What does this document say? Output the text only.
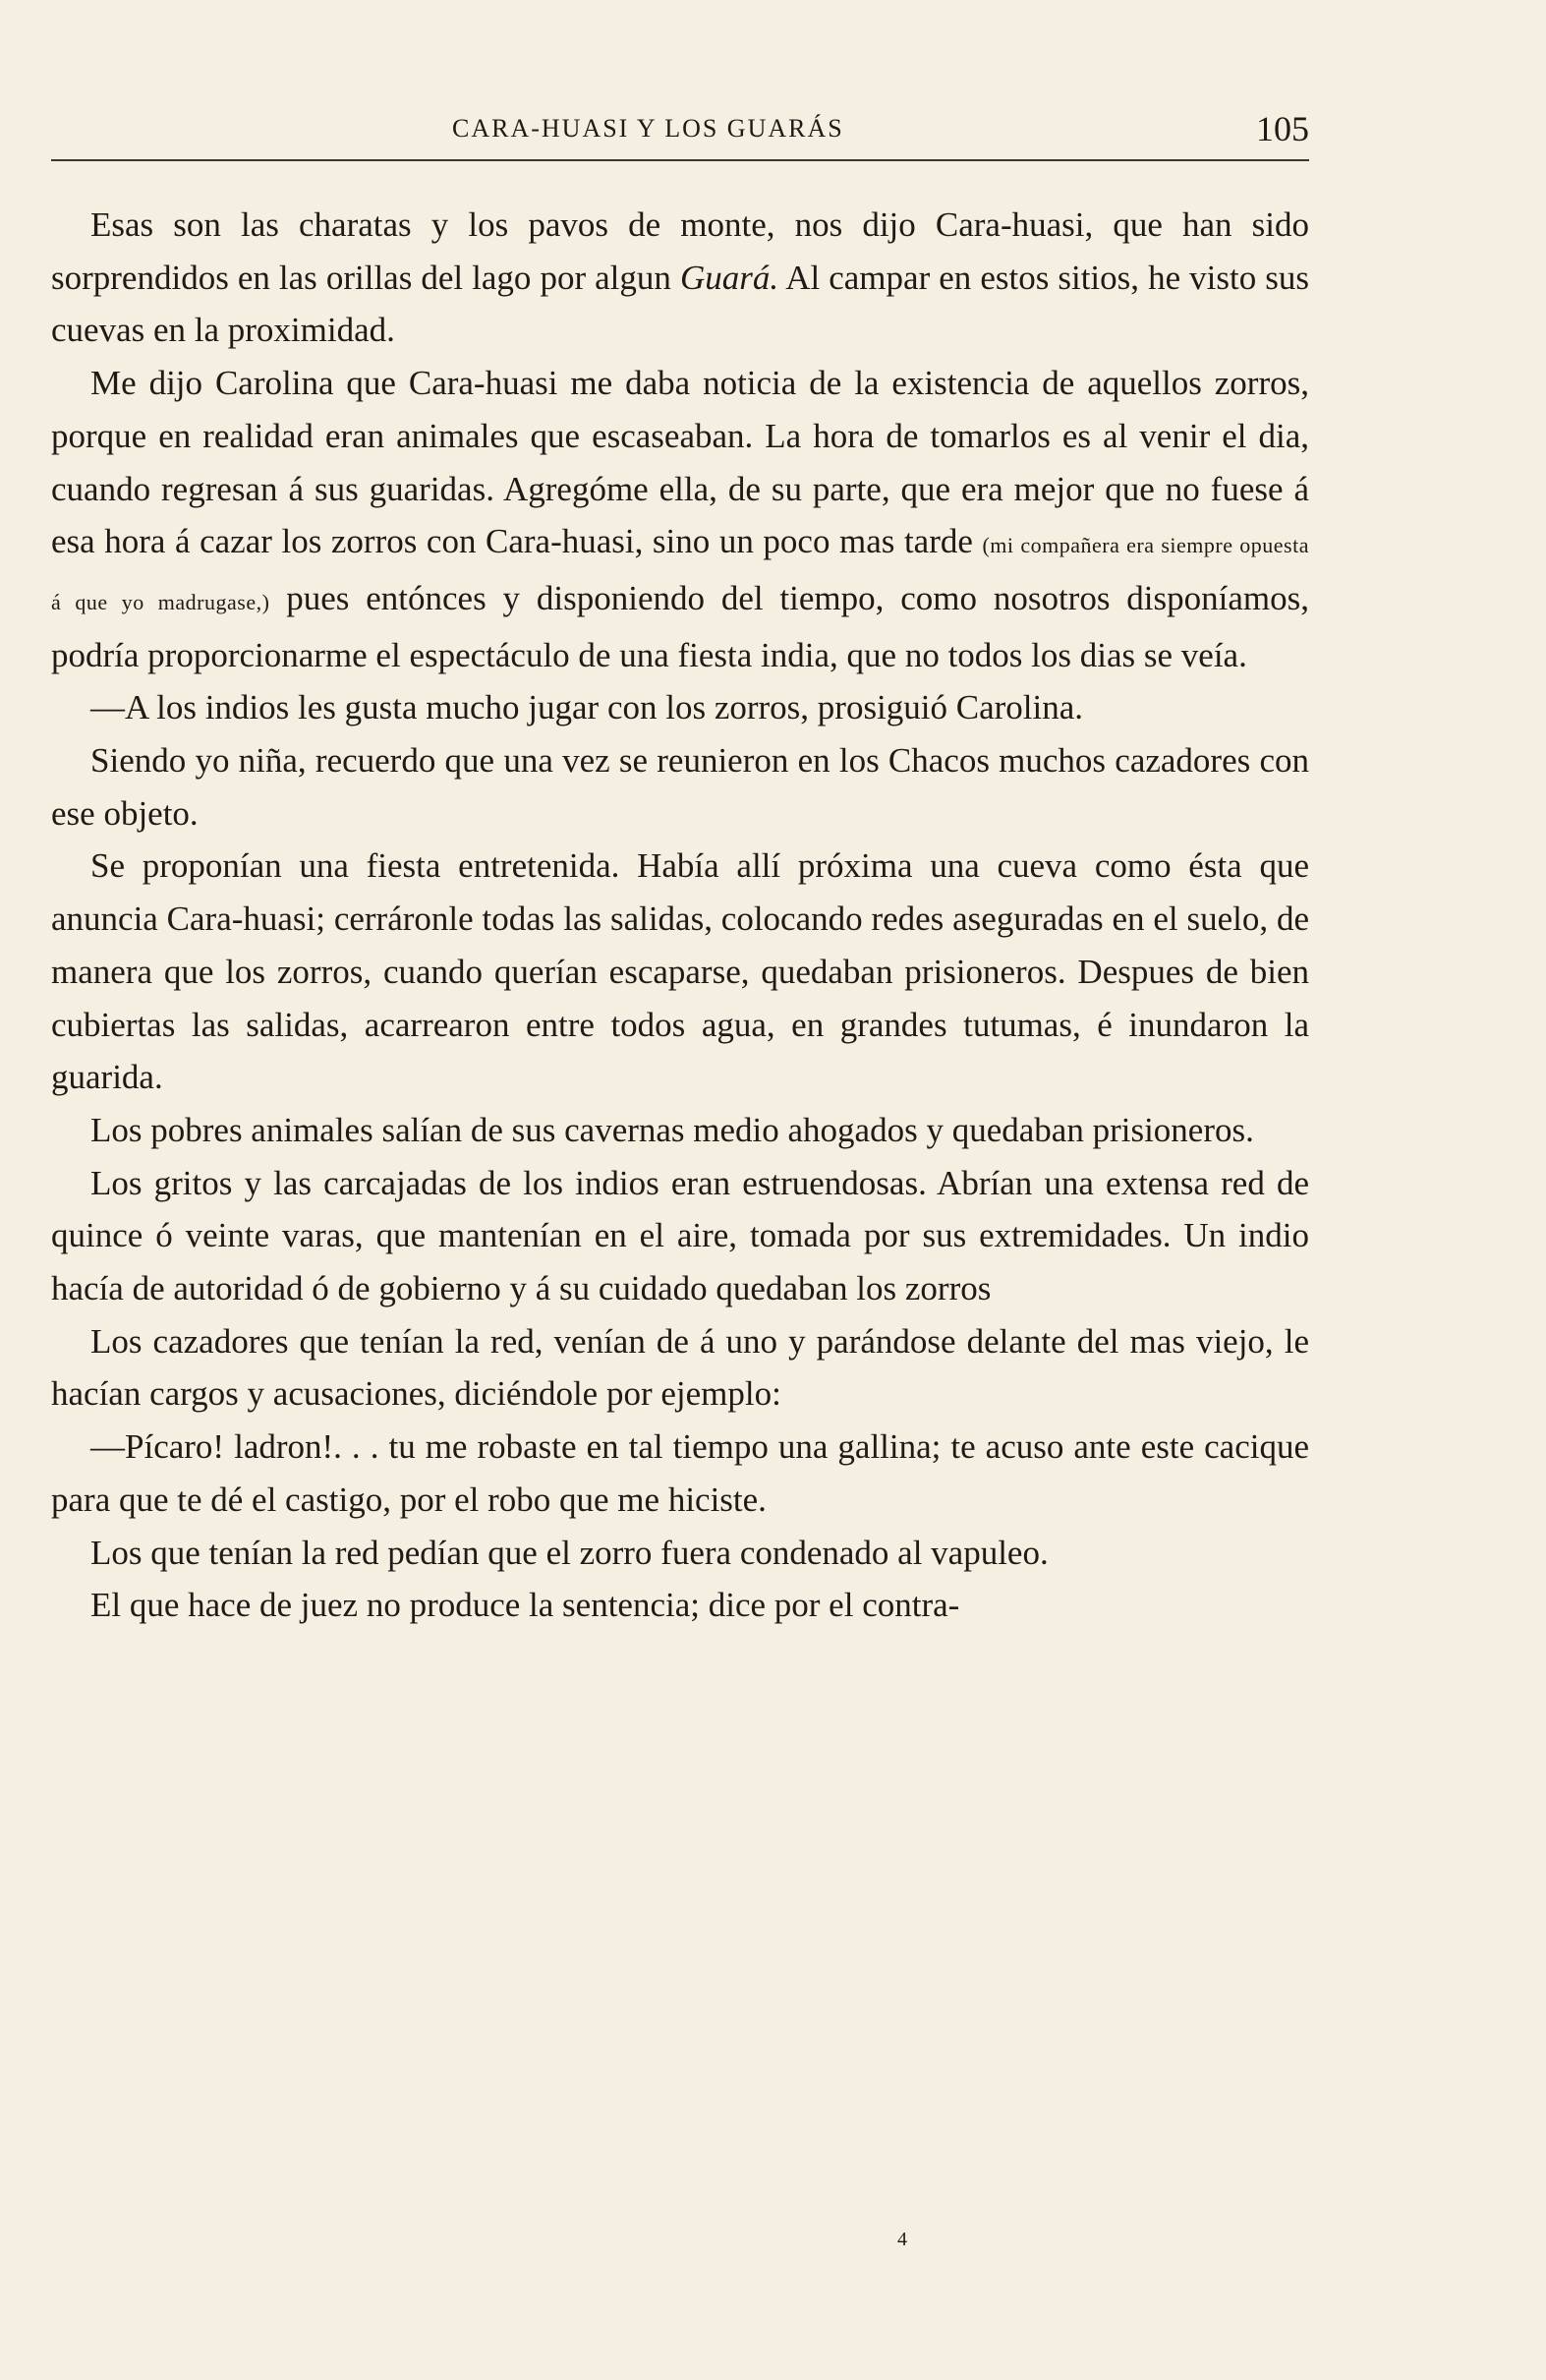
CARA-HUASI Y LOS GUARÁS	105

Esas son las charatas y los pavos de monte, nos dijo Cara-huasi, que han sido sorprendidos en las orillas del lago por algun Guará. Al campar en estos sitios, he visto sus cuevas en la proximidad.

Me dijo Carolina que Cara-huasi me daba noticia de la existencia de aquellos zorros, porque en realidad eran animales que escaseaban. La hora de tomarlos es al venir el dia, cuando regresan á sus guaridas. Agregóme ella, de su parte, que era mejor que no fuese á esa hora á cazar los zorros con Cara-huasi, sino un poco mas tarde (mi compañera era siempre opuesta á que yo madrugase,) pues entónces y disponiendo del tiempo, como nosotros disponíamos, podría proporcionarme el espectáculo de una fiesta india, que no todos los dias se veía.

—A los indios les gusta mucho jugar con los zorros, prosiguió Carolina.

Siendo yo niña, recuerdo que una vez se reunieron en los Chacos muchos cazadores con ese objeto.

Se proponían una fiesta entretenida. Había allí próxima una cueva como ésta que anuncia Cara-huasi; cerráronle todas las salidas, colocando redes aseguradas en el suelo, de manera que los zorros, cuando querían escaparse, quedaban prisioneros. Despues de bien cubiertas las salidas, acarrearon entre todos agua, en grandes tutumas, é inundaron la guarida.

Los pobres animales salían de sus cavernas medio ahogados y quedaban prisioneros.

Los gritos y las carcajadas de los indios eran estruendosas. Abrían una extensa red de quince ó veinte varas, que mantenían en el aire, tomada por sus extremidades. Un indio hacía de autoridad ó de gobierno y á su cuidado quedaban los zorros

Los cazadores que tenían la red, venían de á uno y parándose delante del mas viejo, le hacían cargos y acusaciones, diciéndole por ejemplo:

—Pícaro! ladron!. . . tu me robaste en tal tiempo una gallina; te acuso ante este cacique para que te dé el castigo, por el robo que me hiciste.

Los que tenían la red pedían que el zorro fuera condenado al vapuleo.

El que hace de juez no produce la sentencia; dice por el contra-

4
